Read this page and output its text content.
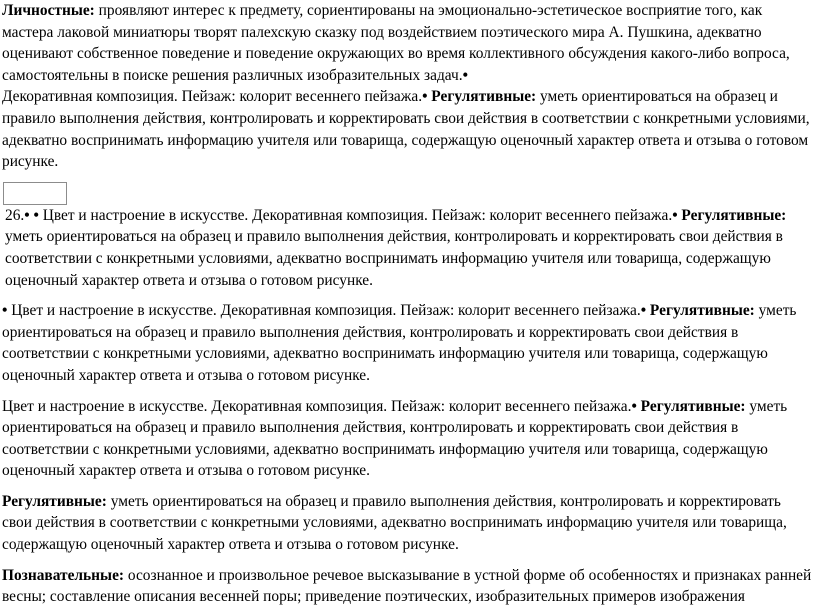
Личностные: проявляют интерес к предмету, сориентированы на эмоционально-эстетическое восприятие того, как мастера лаковой миниатюры творят палехскую сказку под воздействием поэтического мира А. Пушкина, адекватно оценивают собственное поведение и поведение окружающих во время коллективного обсуждения какого-либо вопроса, самостоятельны в поиске решения различных изобразительных задач.•

Декоративная композиция. Пейзаж: колорит весеннего пейзажа.• Регулятивные: уметь ориентироваться на образец и правило выполнения действия, контролировать и корректировать свои действия в соответствии с конкретными условиями, адекватно воспринимать информацию учителя или товарища, содержащую оценочный характер ответа и отзыва о готовом рисунке.

26.• • Цвет и настроение в искусстве. Декоративная композиция. Пейзаж: колорит весеннего пейзажа.• Регулятивные: уметь ориентироваться на образец и правило выполнения действия, контролировать и корректировать свои действия в соответствии с конкретными условиями, адекватно воспринимать информацию учителя или товарища, содержащую оценочный характер ответа и отзыва о готовом рисунке.

• Цвет и настроение в искусстве. Декоративная композиция. Пейзаж: колорит весеннего пейзажа.• Регулятивные: уметь ориентироваться на образец и правило выполнения действия, контролировать и корректировать свои действия в соответствии с конкретными условиями, адекватно воспринимать информацию учителя или товарища, содержащую оценочный характер ответа и отзыва о готовом рисунке.

Цвет и настроение в искусстве. Декоративная композиция. Пейзаж: колорит весеннего пейзажа.• Регулятивные: уметь ориентироваться на образец и правило выполнения действия, контролировать и корректировать свои действия в соответствии с конкретными условиями, адекватно воспринимать информацию учителя или товарища, содержащую оценочный характер ответа и отзыва о готовом рисунке.

Регулятивные: уметь ориентироваться на образец и правило выполнения действия, контролировать и корректировать свои действия в соответствии с конкретными условиями, адекватно воспринимать информацию учителя или товарища, содержащую оценочный характер ответа и отзыва о готовом рисунке.

Познавательные: осознанное и произвольное речевое высказывание в устной форме об особенностях и признаках ранней весны; составление описания весенней поры; приведение поэтических, изобразительных примеров изображения
